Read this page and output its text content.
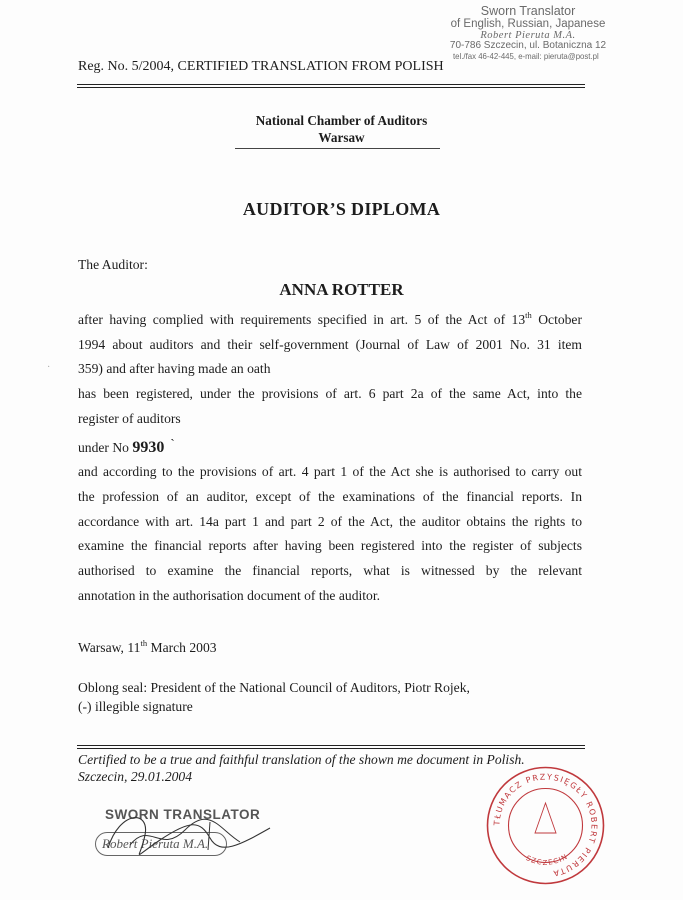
Sworn Translator
of English, Russian, Japanese
Robert Pieruta M.A.
70-786 Szczecin, ul. Botaniczna 12
tel./fax 46-42-445, e-mail: pieruta@post.pl
Reg. No. 5/2004, CERTIFIED TRANSLATION FROM POLISH
National Chamber of Auditors
Warsaw
AUDITOR’S DIPLOMA
The Auditor:
ANNA ROTTER
after having complied with requirements specified in art. 5 of the Act of 13th October
1994 about auditors and their self-government (Journal of Law of 2001 No. 31 item
359) and after having made an oath
has been registered, under the provisions of art. 6 part 2a of the same Act, into the
register of auditors
under No 9930 `
and according to the provisions of art. 4 part 1 of the Act she is authorised to carry out
the profession of an auditor, except of the examinations of the financial reports. In
accordance with art. 14a part 1 and part 2 of the Act, the auditor obtains the rights to
examine the financial reports after having been registered into the register of subjects
authorised to examine the financial reports, what is witnessed by the relevant
annotation in the authorisation document of the auditor.
Warsaw, 11th March 2003
Oblong seal: President of the National Council of Auditors, Piotr Rojek,
(-) illegible signature
Certified to be a true and faithful translation of the shown me document in Polish.
Szczecin, 29.01.2004
SWORN TRANSLATOR
Robert Pieruta M.A.
TŁUMACZ PRZYSIĘGŁY ROBERT PIERUTA
SZCZECIN
·
